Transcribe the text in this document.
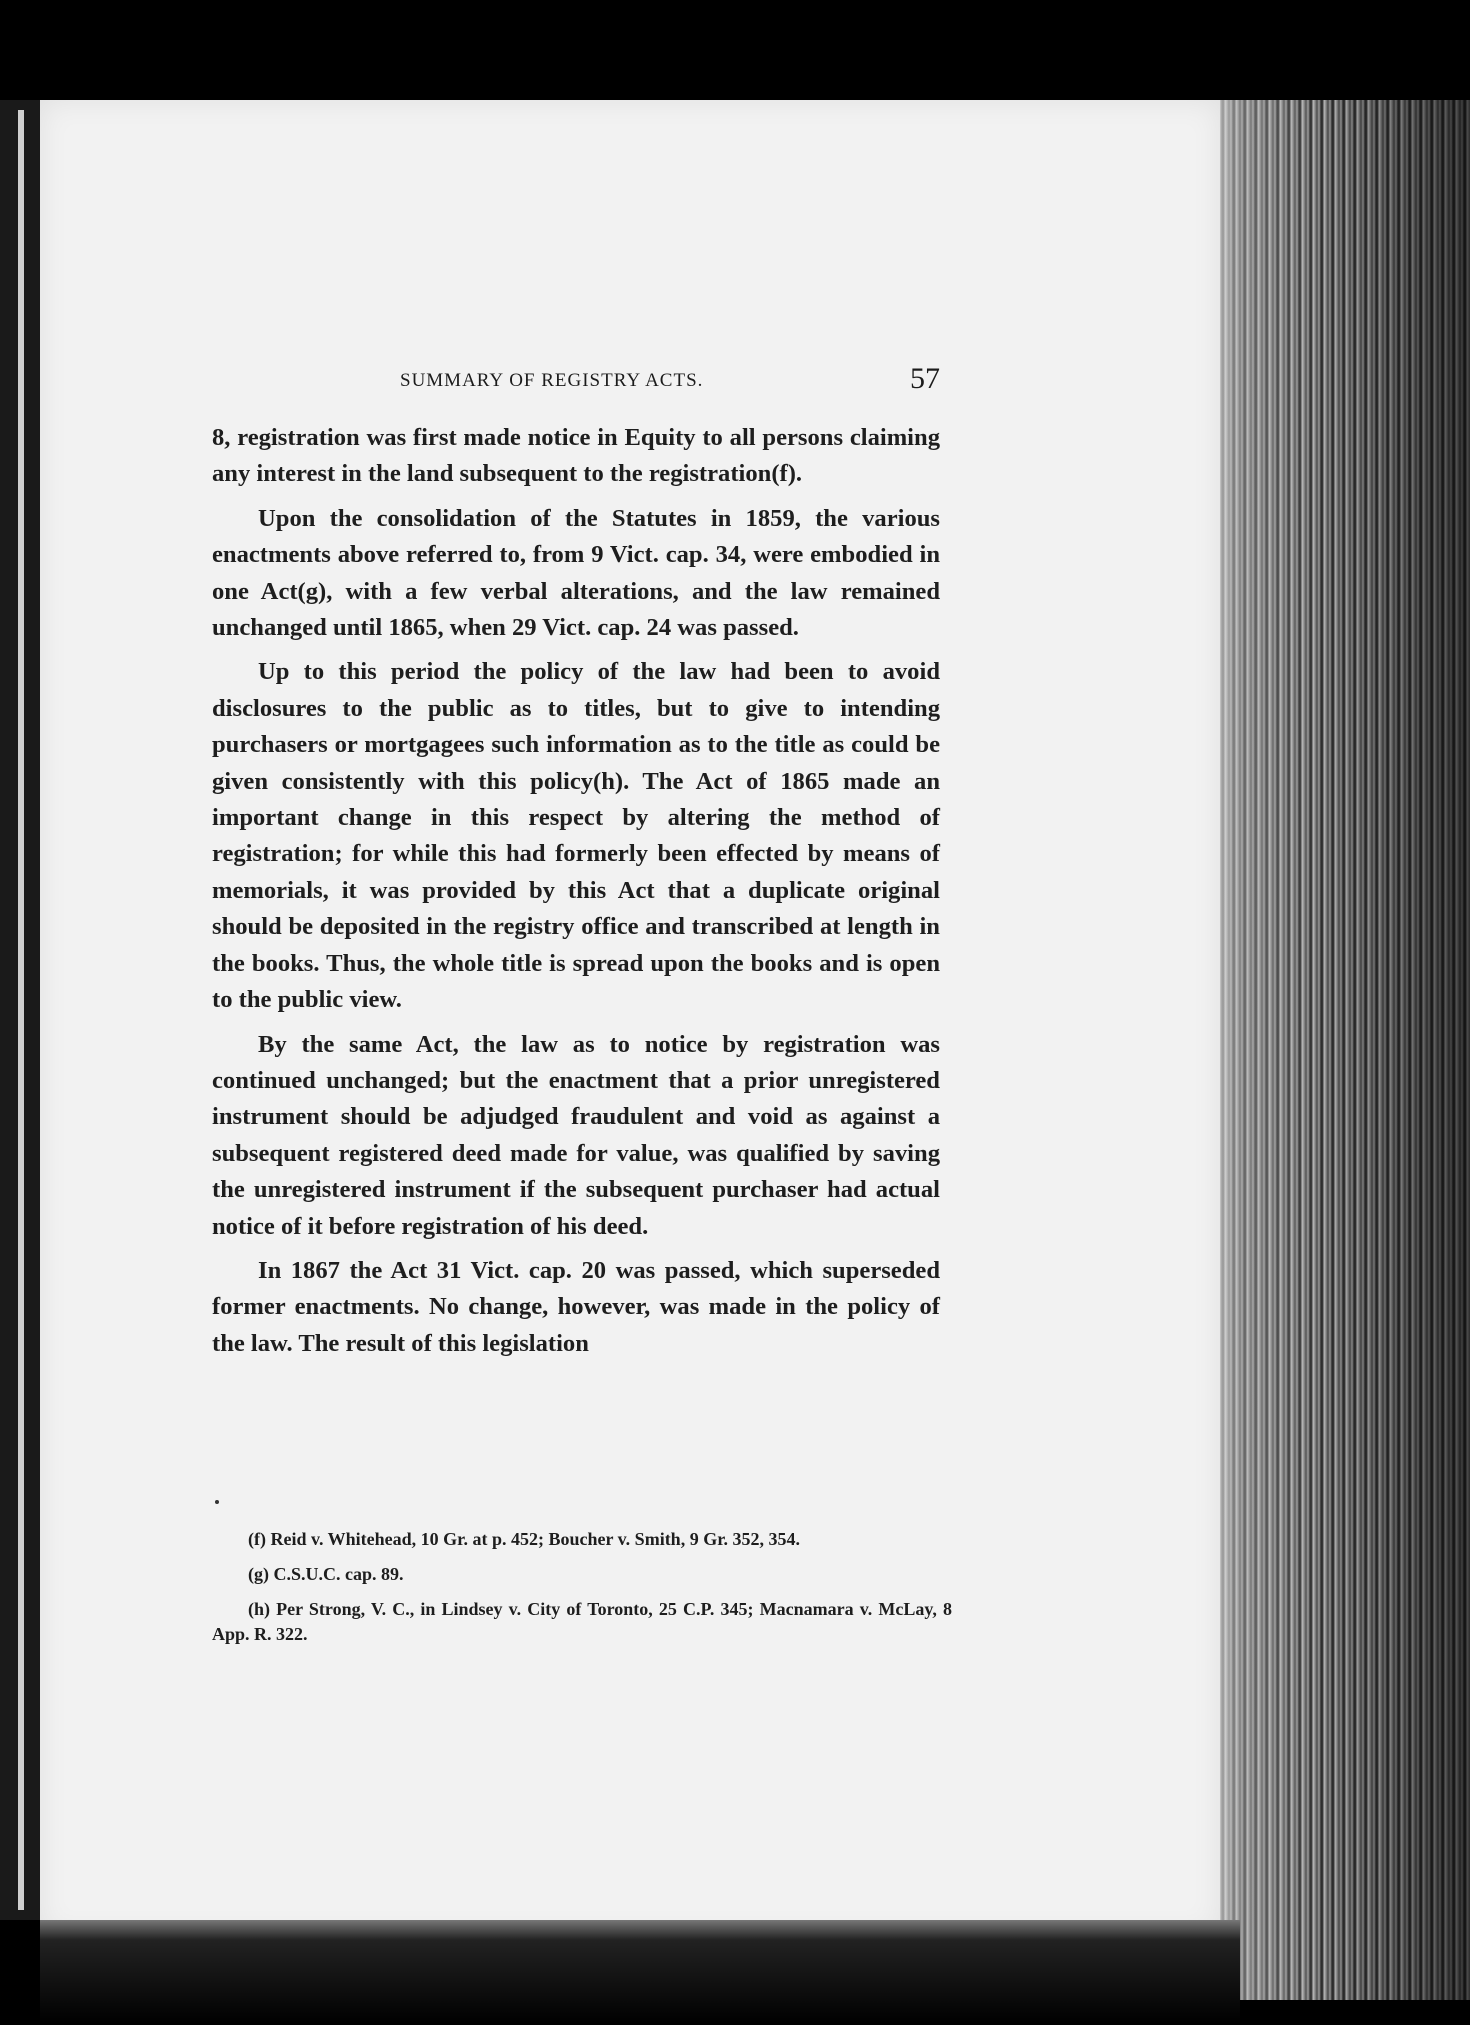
SUMMARY OF REGISTRY ACTS.	57

8, registration was first made notice in Equity to all persons claiming any interest in the land subsequent to the registration(f).

Upon the consolidation of the Statutes in 1859, the various enactments above referred to, from 9 Vict. cap. 34, were embodied in one Act(g), with a few verbal alterations, and the law remained unchanged until 1865, when 29 Vict. cap. 24 was passed.

Up to this period the policy of the law had been to avoid disclosures to the public as to titles, but to give to intending purchasers or mortgagees such information as to the title as could be given consistently with this policy(h). The Act of 1865 made an important change in this respect by altering the method of registration; for while this had formerly been effected by means of memorials, it was provided by this Act that a duplicate original should be deposited in the registry office and transcribed at length in the books. Thus, the whole title is spread upon the books and is open to the public view.

By the same Act, the law as to notice by registration was continued unchanged; but the enactment that a prior unregistered instrument should be adjudged fraudulent and void as against a subsequent registered deed made for value, was qualified by saving the unregistered instrument if the subsequent purchaser had actual notice of it before registration of his deed.

In 1867 the Act 31 Vict. cap. 20 was passed, which superseded former enactments. No change, however, was made in the policy of the law. The result of this legislation

(f) Reid v. Whitehead, 10 Gr. at p. 452; Boucher v. Smith, 9 Gr. 352, 354.

(g) C.S.U.C. cap. 89.

(h) Per Strong, V. C., in Lindsey v. City of Toronto, 25 C.P. 345; Macnamara v. McLay, 8 App. R. 322.
